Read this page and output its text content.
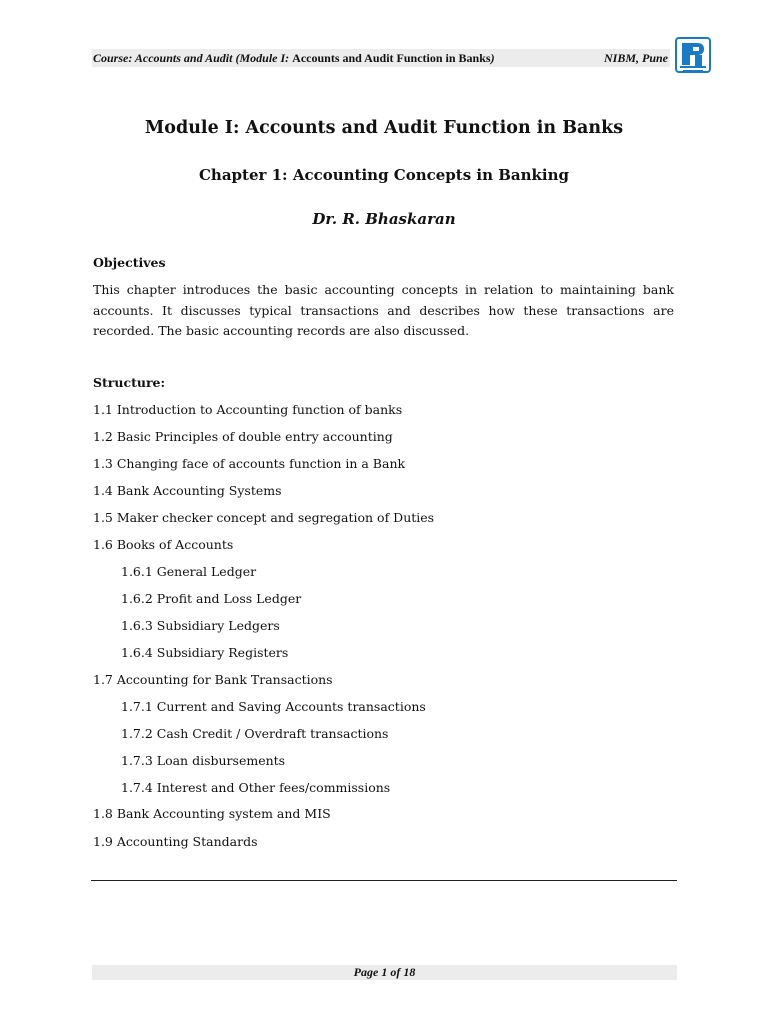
Course: Accounts and Audit (Module I: Accounts and Audit Function in Banks)	NIBM, Pune
Module I: Accounts and Audit Function in Banks
Chapter 1: Accounting Concepts in Banking
Dr. R. Bhaskaran
Objectives
This chapter introduces the basic accounting concepts in relation to maintaining bank
accounts. It discusses typical transactions and describes how these transactions are
recorded. The basic accounting records are also discussed.
Structure:
1.1 Introduction to Accounting function of banks
1.2 Basic Principles of double entry accounting
1.3 Changing face of accounts function in a Bank
1.4 Bank Accounting Systems
1.5 Maker checker concept and segregation of Duties
1.6 Books of Accounts
1.6.1 General Ledger
1.6.2 Profit and Loss Ledger
1.6.3 Subsidiary Ledgers
1.6.4 Subsidiary Registers
1.7 Accounting for Bank Transactions
1.7.1 Current and Saving Accounts transactions
1.7.2 Cash Credit / Overdraft transactions
1.7.3 Loan disbursements
1.7.4 Interest and Other fees/commissions
1.8 Bank Accounting system and MIS
1.9 Accounting Standards
Page 1 of 18
